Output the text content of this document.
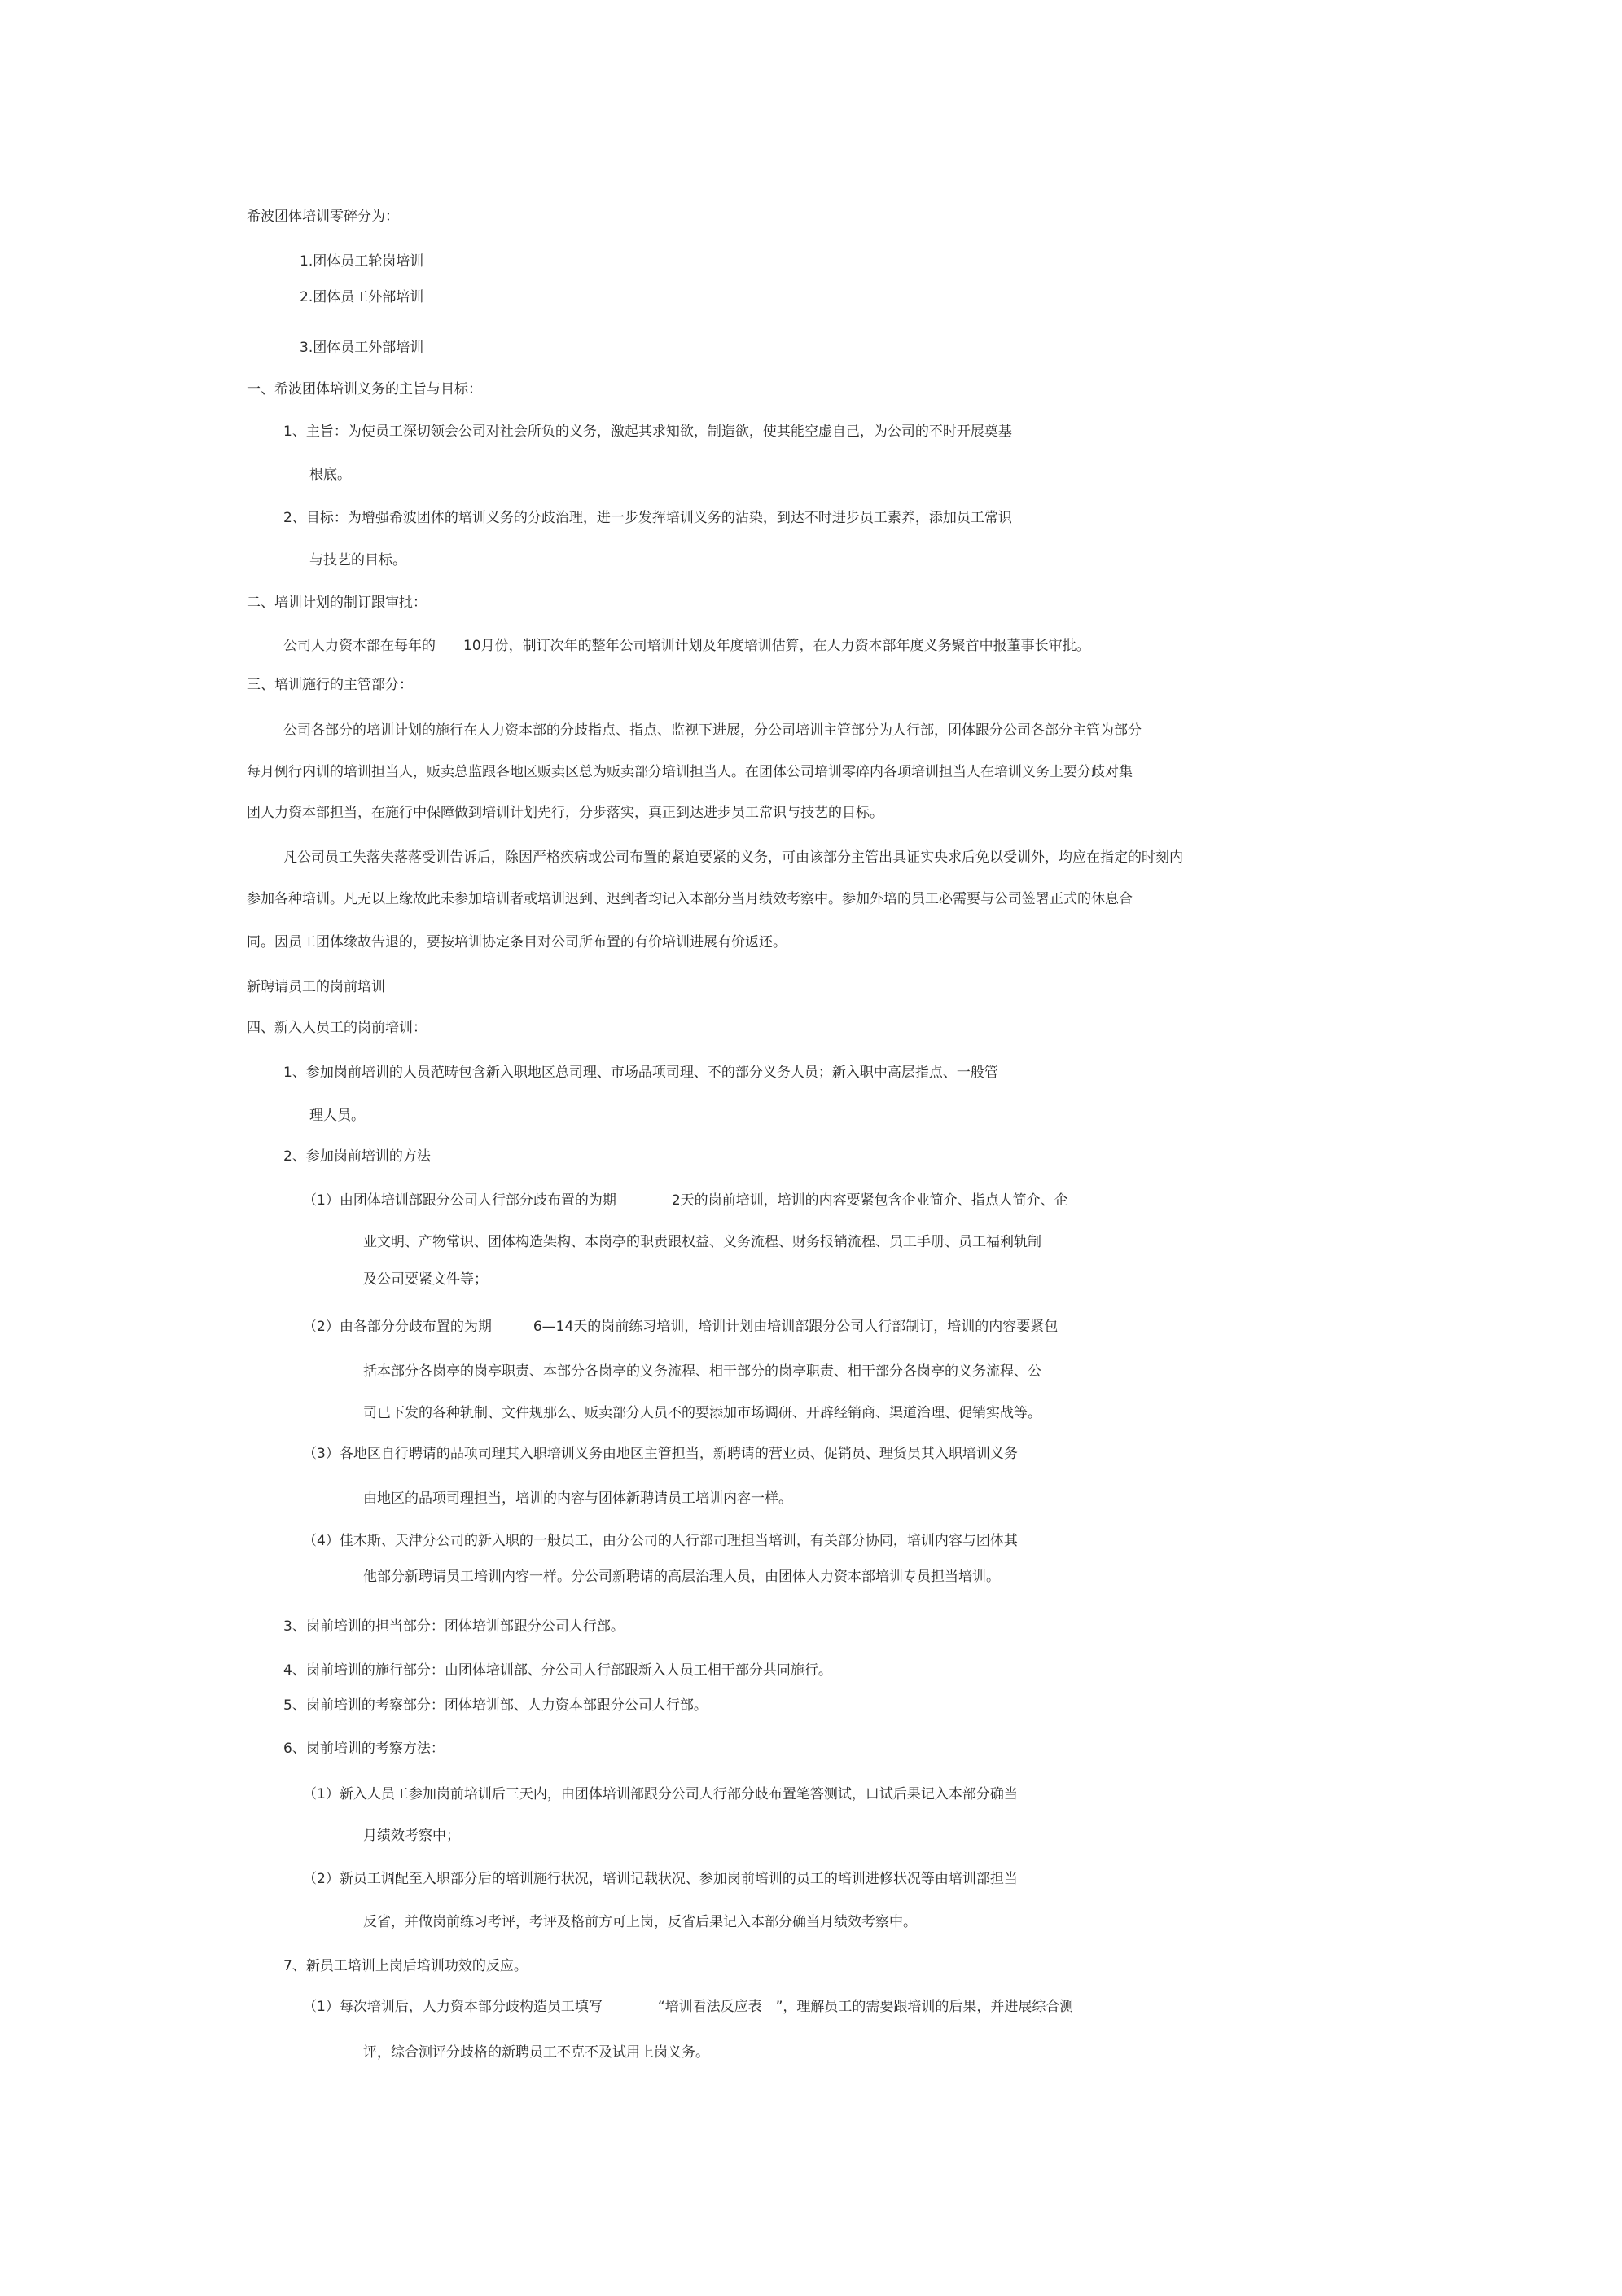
希波团体培训零碎分为：
1.团体员工轮岗培训
2.团体员工外部培训
3.团体员工外部培训
一、希波团体培训义务的主旨与目标：
1、主旨：为使员工深切领会公司对社会所负的义务，激起其求知欲，制造欲，使其能空虚自己，为公司的不时开展奠基
根底。
2、目标：为增强希波团体的培训义务的分歧治理，进一步发挥培训义务的沾染，到达不时进步员工素养，添加员工常识
与技艺的目标。
二、培训计划的制订跟审批：
公司人力资本部在每年的　　10月份，制订次年的整年公司培训计划及年度培训估算，在人力资本部年度义务聚首中报董事长审批。
三、培训施行的主管部分：
公司各部分的培训计划的施行在人力资本部的分歧指点、指点、监视下进展，分公司培训主管部分为人行部，团体跟分公司各部分主管为部分
每月例行内训的培训担当人，贩卖总监跟各地区贩卖区总为贩卖部分培训担当人。在团体公司培训零碎内各项培训担当人在培训义务上要分歧对集
团人力资本部担当，在施行中保障做到培训计划先行，分步落实，真正到达进步员工常识与技艺的目标。
凡公司员工失落失落落受训告诉后，除因严格疾病或公司布置的紧迫要紧的义务，可由该部分主管出具证实央求后免以受训外，均应在指定的时刻内
参加各种培训。凡无以上缘故此未参加培训者或培训迟到、迟到者均记入本部分当月绩效考察中。参加外培的员工必需要与公司签署正式的休息合
同。因员工团体缘故告退的，要按培训协定条目对公司所布置的有价培训进展有价返还。
新聘请员工的岗前培训
四、新入人员工的岗前培训：
1、参加岗前培训的人员范畴包含新入职地区总司理、市场品项司理、不的部分义务人员；新入职中高层指点、一般管
理人员。
2、参加岗前培训的方法
（1）由团体培训部跟分公司人行部分歧布置的为期　　　　2天的岗前培训，培训的内容要紧包含企业简介、指点人简介、企
业文明、产物常识、团体构造架构、本岗亭的职责跟权益、义务流程、财务报销流程、员工手册、员工福利轨制
及公司要紧文件等；
（2）由各部分分歧布置的为期　　　6—14天的岗前练习培训，培训计划由培训部跟分公司人行部制订，培训的内容要紧包
括本部分各岗亭的岗亭职责、本部分各岗亭的义务流程、相干部分的岗亭职责、相干部分各岗亭的义务流程、公
司已下发的各种轨制、文件规那么、贩卖部分人员不的要添加市场调研、开辟经销商、渠道治理、促销实战等。
（3）各地区自行聘请的品项司理其入职培训义务由地区主管担当，新聘请的营业员、促销员、理货员其入职培训义务
由地区的品项司理担当，培训的内容与团体新聘请员工培训内容一样。
（4）佳木斯、天津分公司的新入职的一般员工，由分公司的人行部司理担当培训，有关部分协同，培训内容与团体其
他部分新聘请员工培训内容一样。分公司新聘请的高层治理人员，由团体人力资本部培训专员担当培训。
3、岗前培训的担当部分：团体培训部跟分公司人行部。
4、岗前培训的施行部分：由团体培训部、分公司人行部跟新入人员工相干部分共同施行。
5、岗前培训的考察部分：团体培训部、人力资本部跟分公司人行部。
6、岗前培训的考察方法：
（1）新入人员工参加岗前培训后三天内，由团体培训部跟分公司人行部分歧布置笔答测试，口试后果记入本部分确当
月绩效考察中；
（2）新员工调配至入职部分后的培训施行状况，培训记载状况、参加岗前培训的员工的培训进修状况等由培训部担当
反省，并做岗前练习考评，考评及格前方可上岗，反省后果记入本部分确当月绩效考察中。
7、新员工培训上岗后培训功效的反应。
（1）每次培训后，人力资本部分歧构造员工填写　　　　“培训看法反应表　”，理解员工的需要跟培训的后果，并进展综合测
评，综合测评分歧格的新聘员工不克不及试用上岗义务。
